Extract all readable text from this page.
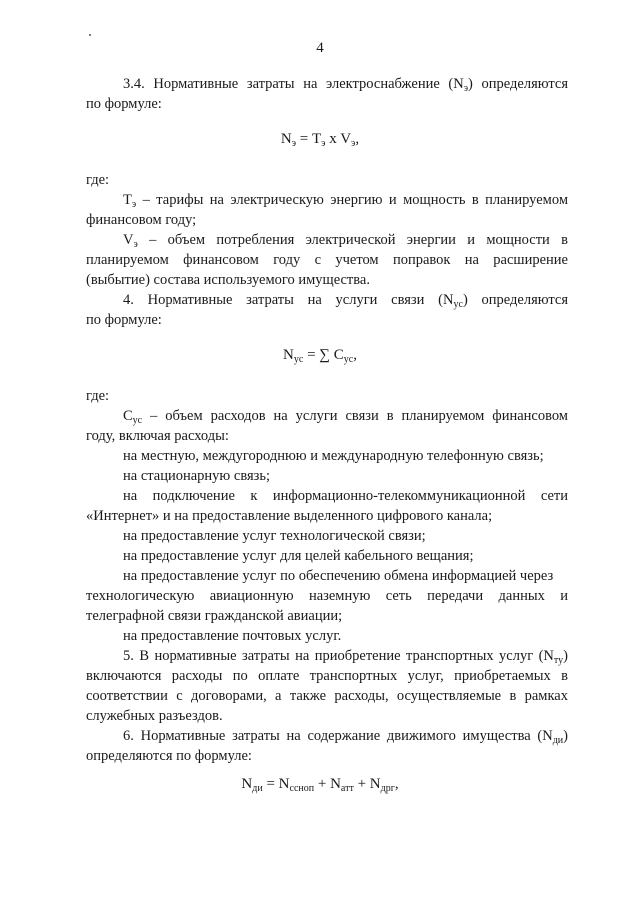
4
3.4. Нормативные затраты на электроснабжение $(N_э)$ определяются
по формуле:
$N_э = T_э$ x $V_э$,
где:
$T_э$ – тарифы на электрическую энергию и мощность в планируемом
финансовом году;
$V_э$ – объем потребления электрической энергии и мощности в
планируемом финансовом году с учетом поправок на расширение
(выбытие) состава используемого имущества.
4. Нормативные затраты на услуги связи $(N_{ус})$ определяются
по формуле:
$N_{ус}$ = ∑ $C_{ус}$,
где:
$C_{ус}$ – объем расходов на услуги связи в планируемом финансовом
году, включая расходы:
на местную, междугороднюю и международную телефонную связь;
на стационарную связь;
на подключение к информационно-телекоммуникационной сети
«Интернет» и на предоставление выделенного цифрового канала;
на предоставление услуг технологической связи;
на предоставление услуг для целей кабельного вещания;
на предоставление услуг по обеспечению обмена информацией через
технологическую авиационную наземную сеть передачи данных и
телеграфной связи гражданской авиации;
на предоставление почтовых услуг.
5. В нормативные затраты на приобретение транспортных услуг $(N_{ту})$
включаются расходы по оплате транспортных услуг, приобретаемых в
соответствии с договорами, а также расходы, осуществляемые в рамках
служебных разъездов.
6. Нормативные затраты на содержание движимого имущества $(N_{ди})$
определяются по формуле:
$N_{ди} = N_{ссноп} + N_{атт} + N_{дрг}$,
